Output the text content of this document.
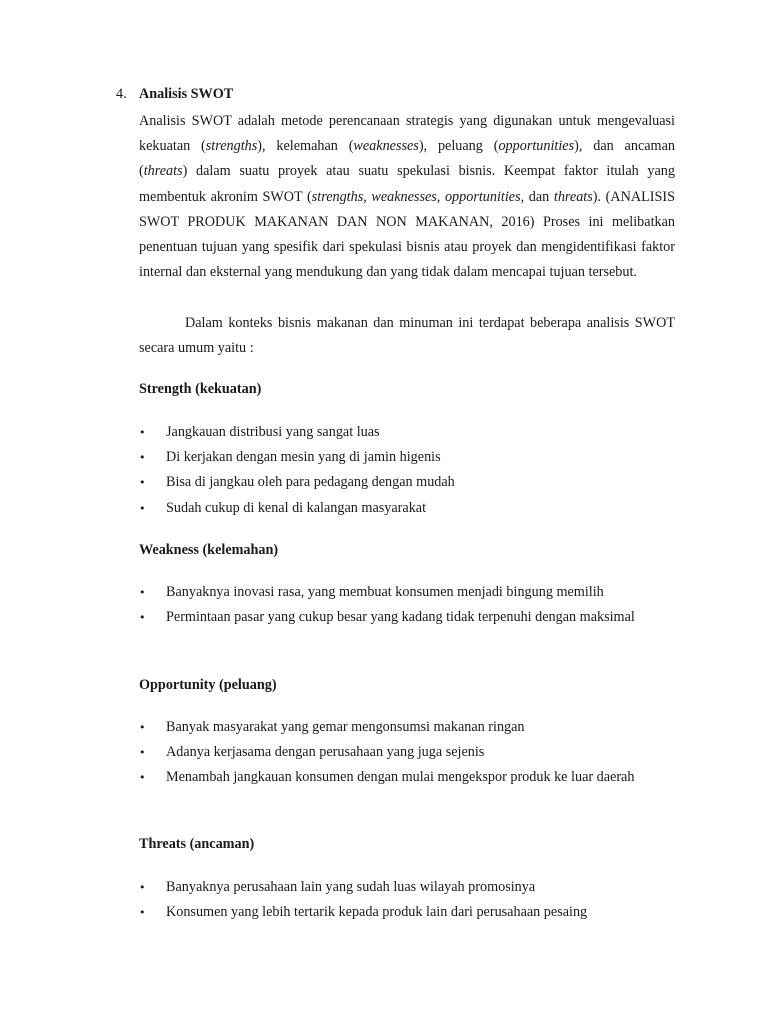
4. Analisis SWOT

Analisis SWOT adalah metode perencanaan strategis yang digunakan untuk mengevaluasi kekuatan (strengths), kelemahan (weaknesses), peluang (opportunities), dan ancaman (threats) dalam suatu proyek atau suatu spekulasi bisnis. Keempat faktor itulah yang membentuk akronim SWOT (strengths, weaknesses, opportunities, dan threats). (ANALISIS SWOT PRODUK MAKANAN DAN NON MAKANAN, 2016) Proses ini melibatkan penentuan tujuan yang spesifik dari spekulasi bisnis atau proyek dan mengidentifikasi faktor internal dan eksternal yang mendukung dan yang tidak dalam mencapai tujuan tersebut.

Dalam konteks bisnis makanan dan minuman ini terdapat beberapa analisis SWOT secara umum yaitu :

Strength (kekuatan)

• Jangkauan distribusi yang sangat luas
• Di kerjakan dengan mesin yang di jamin higenis
• Bisa di jangkau oleh para pedagang dengan mudah
• Sudah cukup di kenal di kalangan masyarakat

Weakness (kelemahan)

• Banyaknya inovasi rasa, yang membuat konsumen menjadi bingung memilih
• Permintaan pasar yang cukup besar yang kadang tidak terpenuhi dengan maksimal

Opportunity (peluang)

• Banyak masyarakat yang gemar mengonsumsi makanan ringan
• Adanya kerjasama dengan perusahaan yang juga sejenis
• Menambah jangkauan konsumen dengan mulai mengekspor produk ke luar daerah

Threats (ancaman)

• Banyaknya perusahaan lain yang sudah luas wilayah promosinya
• Konsumen yang lebih tertarik kepada produk lain dari perusahaan pesaing
